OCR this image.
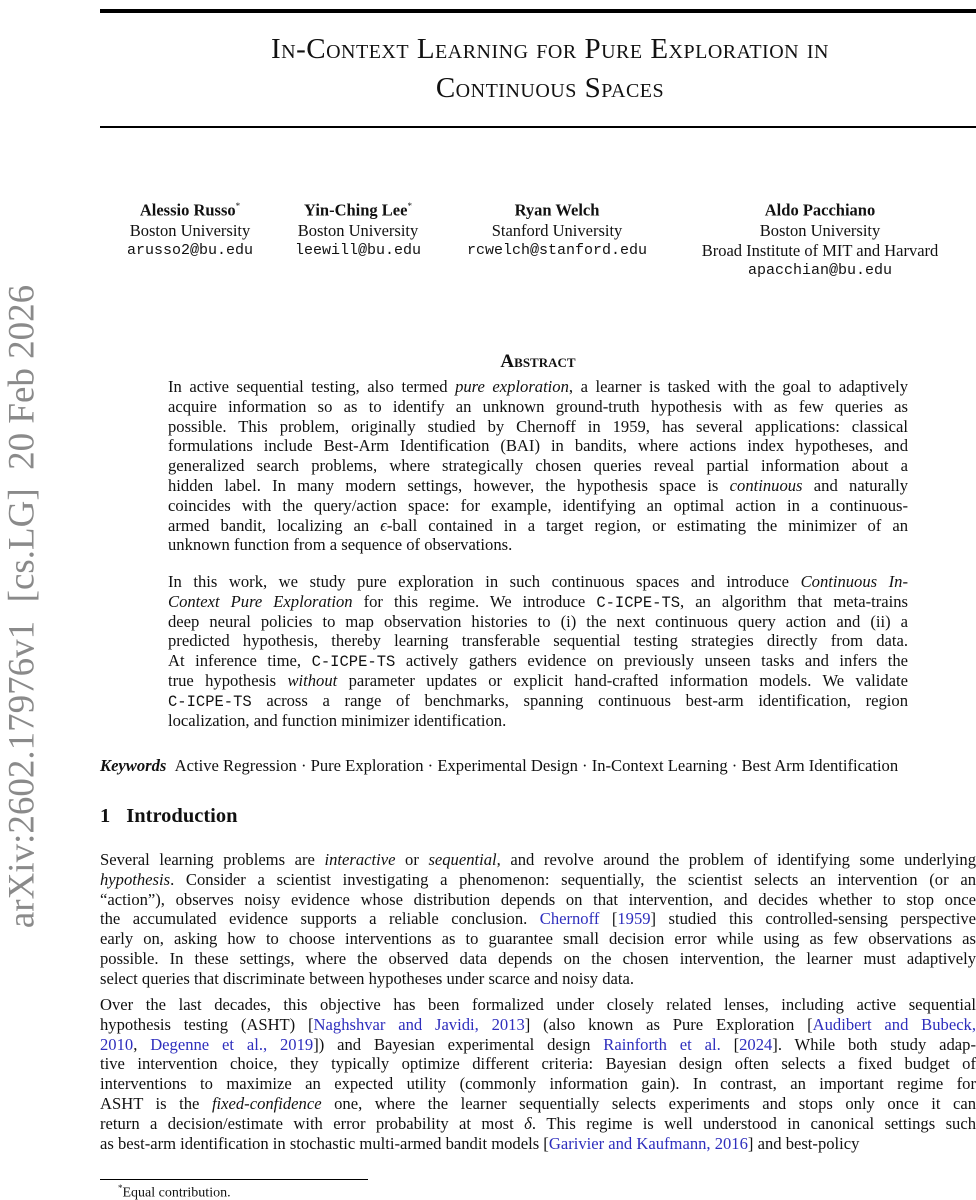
arXiv:2602.17976v1  [cs.LG]  20 Feb 2026
In-Context Learning for Pure Exploration in
Continuous Spaces
Alessio Russo*
Boston University
arusso2@bu.edu
Yin-Ching Lee*
Boston University
leewill@bu.edu
Ryan Welch
Stanford University
rcwelch@stanford.edu
Aldo Pacchiano
Boston University
Broad Institute of MIT and Harvard
apacchian@bu.edu
Abstract
In active sequential testing, also termed pure exploration, a learner is tasked with the goal to adaptively
acquire information so as to identify an unknown ground-truth hypothesis with as few queries as
possible. This problem, originally studied by Chernoff in 1959, has several applications: classical
formulations include Best-Arm Identification (BAI) in bandits, where actions index hypotheses, and
generalized search problems, where strategically chosen queries reveal partial information about a
hidden label. In many modern settings, however, the hypothesis space is continuous and naturally
coincides with the query/action space: for example, identifying an optimal action in a continuous-
armed bandit, localizing an ϵ-ball contained in a target region, or estimating the minimizer of an
unknown function from a sequence of observations.
In this work, we study pure exploration in such continuous spaces and introduce Continuous In-
Context Pure Exploration for this regime. We introduce C-ICPE-TS, an algorithm that meta-trains
deep neural policies to map observation histories to (i) the next continuous query action and (ii) a
predicted hypothesis, thereby learning transferable sequential testing strategies directly from data.
At inference time, C-ICPE-TS actively gathers evidence on previously unseen tasks and infers the
true hypothesis without parameter updates or explicit hand-crafted information models. We validate
C-ICPE-TS across a range of benchmarks, spanning continuous best-arm identification, region
localization, and function minimizer identification.
Keywords Active Regression · Pure Exploration · Experimental Design · In-Context Learning · Best Arm Identification
1 Introduction
Several learning problems are interactive or sequential, and revolve around the problem of identifying some underlying
hypothesis. Consider a scientist investigating a phenomenon: sequentially, the scientist selects an intervention (or an
“action”), observes noisy evidence whose distribution depends on that intervention, and decides whether to stop once
the accumulated evidence supports a reliable conclusion. Chernoff [1959] studied this controlled-sensing perspective
early on, asking how to choose interventions as to guarantee small decision error while using as few observations as
possible. In these settings, where the observed data depends on the chosen intervention, the learner must adaptively
select queries that discriminate between hypotheses under scarce and noisy data.
Over the last decades, this objective has been formalized under closely related lenses, including active sequential
hypothesis testing (ASHT) [Naghshvar and Javidi, 2013] (also known as Pure Exploration [Audibert and Bubeck,
2010, Degenne et al., 2019]) and Bayesian experimental design Rainforth et al. [2024]. While both study adap-
tive intervention choice, they typically optimize different criteria: Bayesian design often selects a fixed budget of
interventions to maximize an expected utility (commonly information gain). In contrast, an important regime for
ASHT is the fixed-confidence one, where the learner sequentially selects experiments and stops only once it can
return a decision/estimate with error probability at most δ. This regime is well understood in canonical settings such
as best-arm identification in stochastic multi-armed bandit models [Garivier and Kaufmann, 2016] and best-policy
*Equal contribution.
